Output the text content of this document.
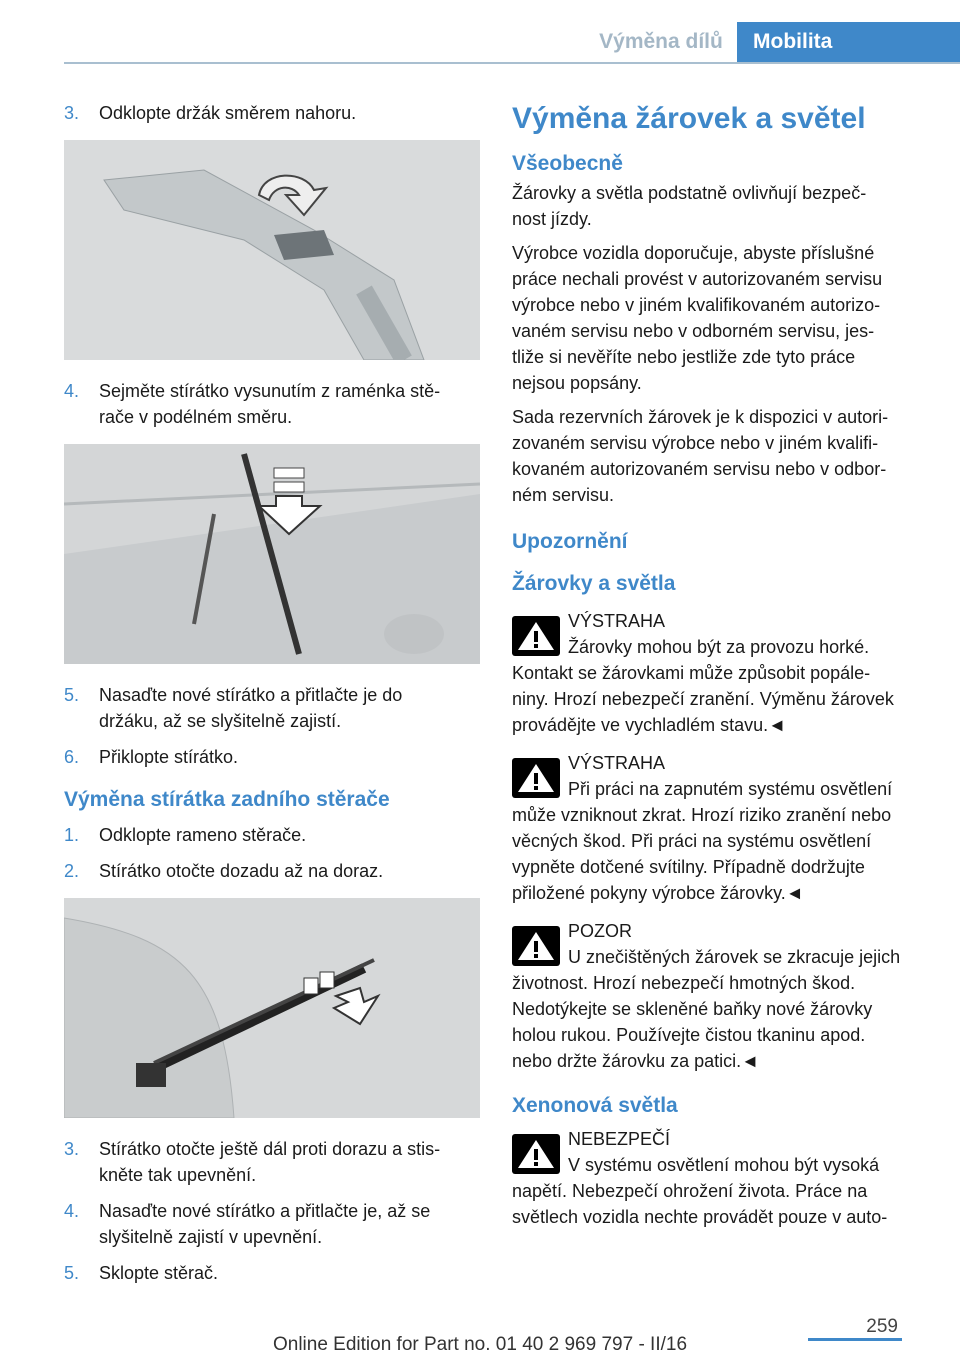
Výměna dílů	Mobilita
3. Odklopte držák směrem nahoru.
4. Sejměte stírátko vysunutím z raménka stě-
rače v podélném směru.
5. Nasaďte nové stírátko a přitlačte je do
držáku, až se slyšitelně zajistí.
6. Přiklopte stírátko.
Výměna stírátka zadního stěrače
1. Odklopte rameno stěrače.
2. Stírátko otočte dozadu až na doraz.
3. Stírátko otočte ještě dál proti dorazu a stis-
kněte tak upevnění.
4. Nasaďte nové stírátko a přitlačte je, až se
slyšitelně zajistí v upevnění.
5. Sklopte stěrač.
Výměna žárovek a světel
Všeobecně
Žárovky a světla podstatně ovlivňují bezpeč-
nost jízdy.
Výrobce vozidla doporučuje, abyste příslušné
práce nechali provést v autorizovaném servisu
výrobce nebo v jiném kvalifikovaném autorizo-
vaném servisu nebo v odborném servisu, jes-
tliže si nevěříte nebo jestliže zde tyto práce
nejsou popsány.
Sada rezervních žárovek je k dispozici v autori-
zovaném servisu výrobce nebo v jiném kvalifi-
kovaném autorizovaném servisu nebo v odbor-
ném servisu.
Upozornění
Žárovky a světla
VÝSTRAHA
Žárovky mohou být za provozu horké.
Kontakt se žárovkami může způsobit popále-
niny. Hrozí nebezpečí zranění. Výměnu žárovek
provádějte ve vychladlém stavu.◄
VÝSTRAHA
Při práci na zapnutém systému osvětlení
může vzniknout zkrat. Hrozí riziko zranění nebo
věcných škod. Při práci na systému osvětlení
vypněte dotčené svítilny. Případně dodržujte
přiložené pokyny výrobce žárovky.◄
POZOR
U znečištěných žárovek se zkracuje jejich
životnost. Hrozí nebezpečí hmotných škod.
Nedotýkejte se skleněné baňky nové žárovky
holou rukou. Používejte čistou tkaninu apod.
nebo držte žárovku za patici.◄
Xenonová světla
NEBEZPEČÍ
V systému osvětlení mohou být vysoká
napětí. Nebezpečí ohrožení života. Práce na
světlech vozidla nechte provádět pouze v auto-
259
Online Edition for Part no. 01 40 2 969 797 - II/16
